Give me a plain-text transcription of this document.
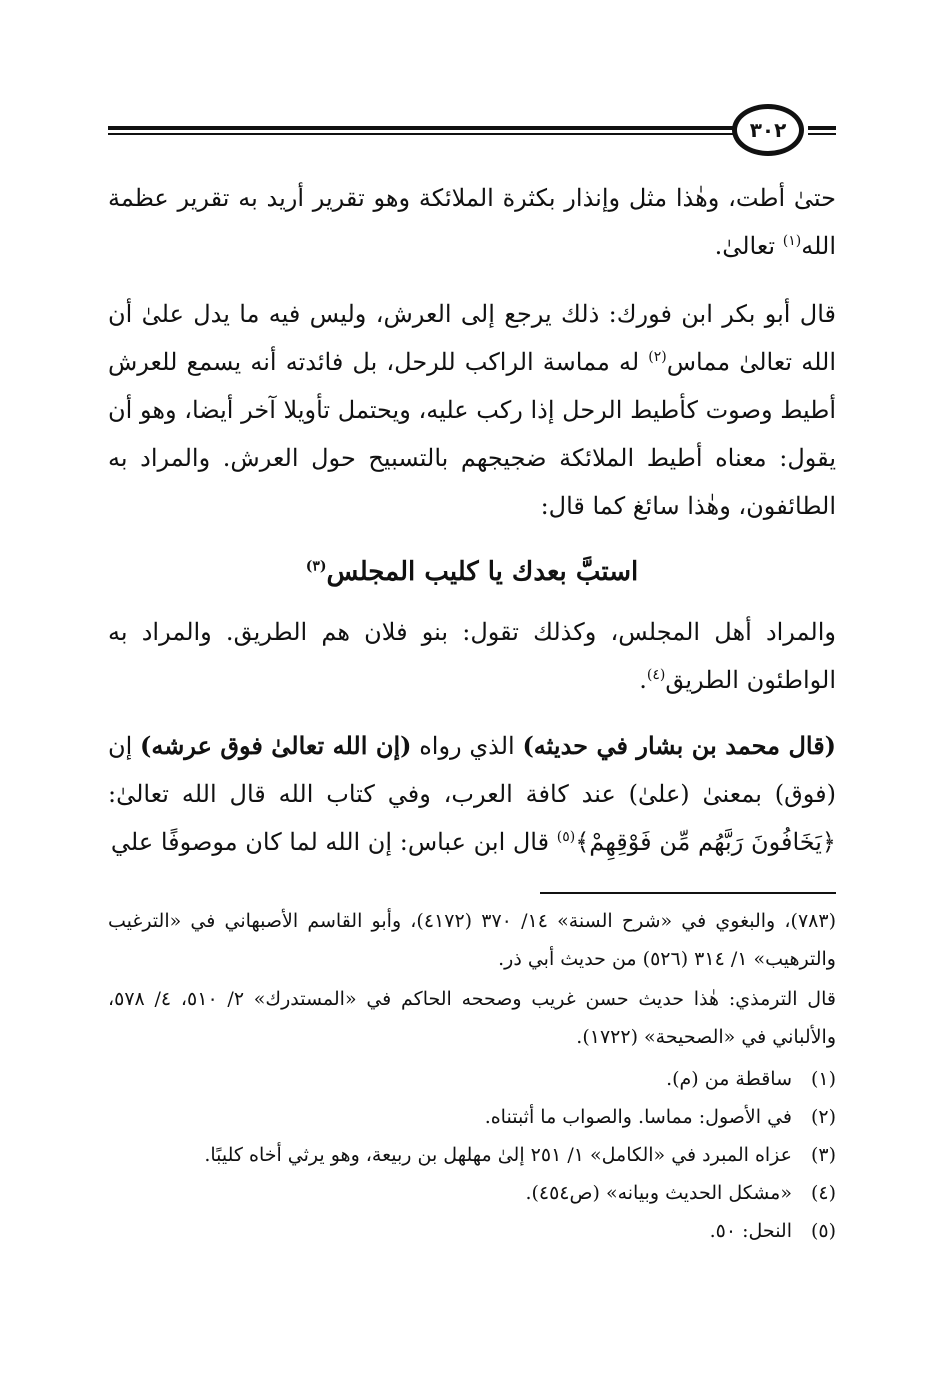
٣٠٢
حتىٰ أطت، وهٰذا مثل وإنذار بكثرة الملائكة وهو تقرير أريد به تقرير عظمة الله$^{(١)}$ تعالىٰ.
قال أبو بكر ابن فورك: ذلك يرجع إلى العرش، وليس فيه ما يدل علىٰ أن الله تعالىٰ مماس$^{(٢)}$ له مماسة الراكب للرحل، بل فائدته أنه يسمع للعرش أطيط وصوت كأطيط الرحل إذا ركب عليه، ويحتمل تأويلا آخر أيضا، وهو أن يقول: معناه أطيط الملائكة ضجيجهم بالتسبيح حول العرش. والمراد به الطائفون، وهٰذا سائغ كما قال:
استبَّ بعدك يا كليب المجلس$^{(٣)}$
والمراد أهل المجلس، وكذلك تقول: بنو فلان هم الطريق. والمراد به الواطئون الطريق$^{(٤)}$.
(قال محمد بن بشار في حديثه) الذي رواه (إن الله تعالىٰ فوق عرشه) إن (فوق) بمعنىٰ (علىٰ) عند كافة العرب، وفي كتاب الله قال الله تعالىٰ: ﴿يَخَافُونَ رَبَّهُم مِّن فَوْقِهِمْ﴾$^{(٥)}$ قال ابن عباس: إن الله لما كان موصوفًا علي
(٧٨٣)، والبغوي في «شرح السنة» ١٤/ ٣٧٠ (٤١٧٢)، وأبو القاسم الأصبهاني في «الترغيب والترهيب» ١/ ٣١٤ (٥٢٦) من حديث أبي ذر.
قال الترمذي: هٰذا حديث حسن غريب وصححه الحاكم في «المستدرك» ٢/ ٥١٠، ٤/ ٥٧٨، والألباني في «الصحيحة» (١٧٢٢).
(١)
ساقطة من (م).
(٢)
في الأصول: مماسا. والصواب ما أثبتناه.
(٣)
عزاه المبرد في «الكامل» ١/ ٢٥١ إلىٰ مهلهل بن ربيعة، وهو يرثي أخاه كليبًا.
(٤)
«مشكل الحديث وبيانه» (ص٤٥٤).
(٥)
النحل: ٥٠.
